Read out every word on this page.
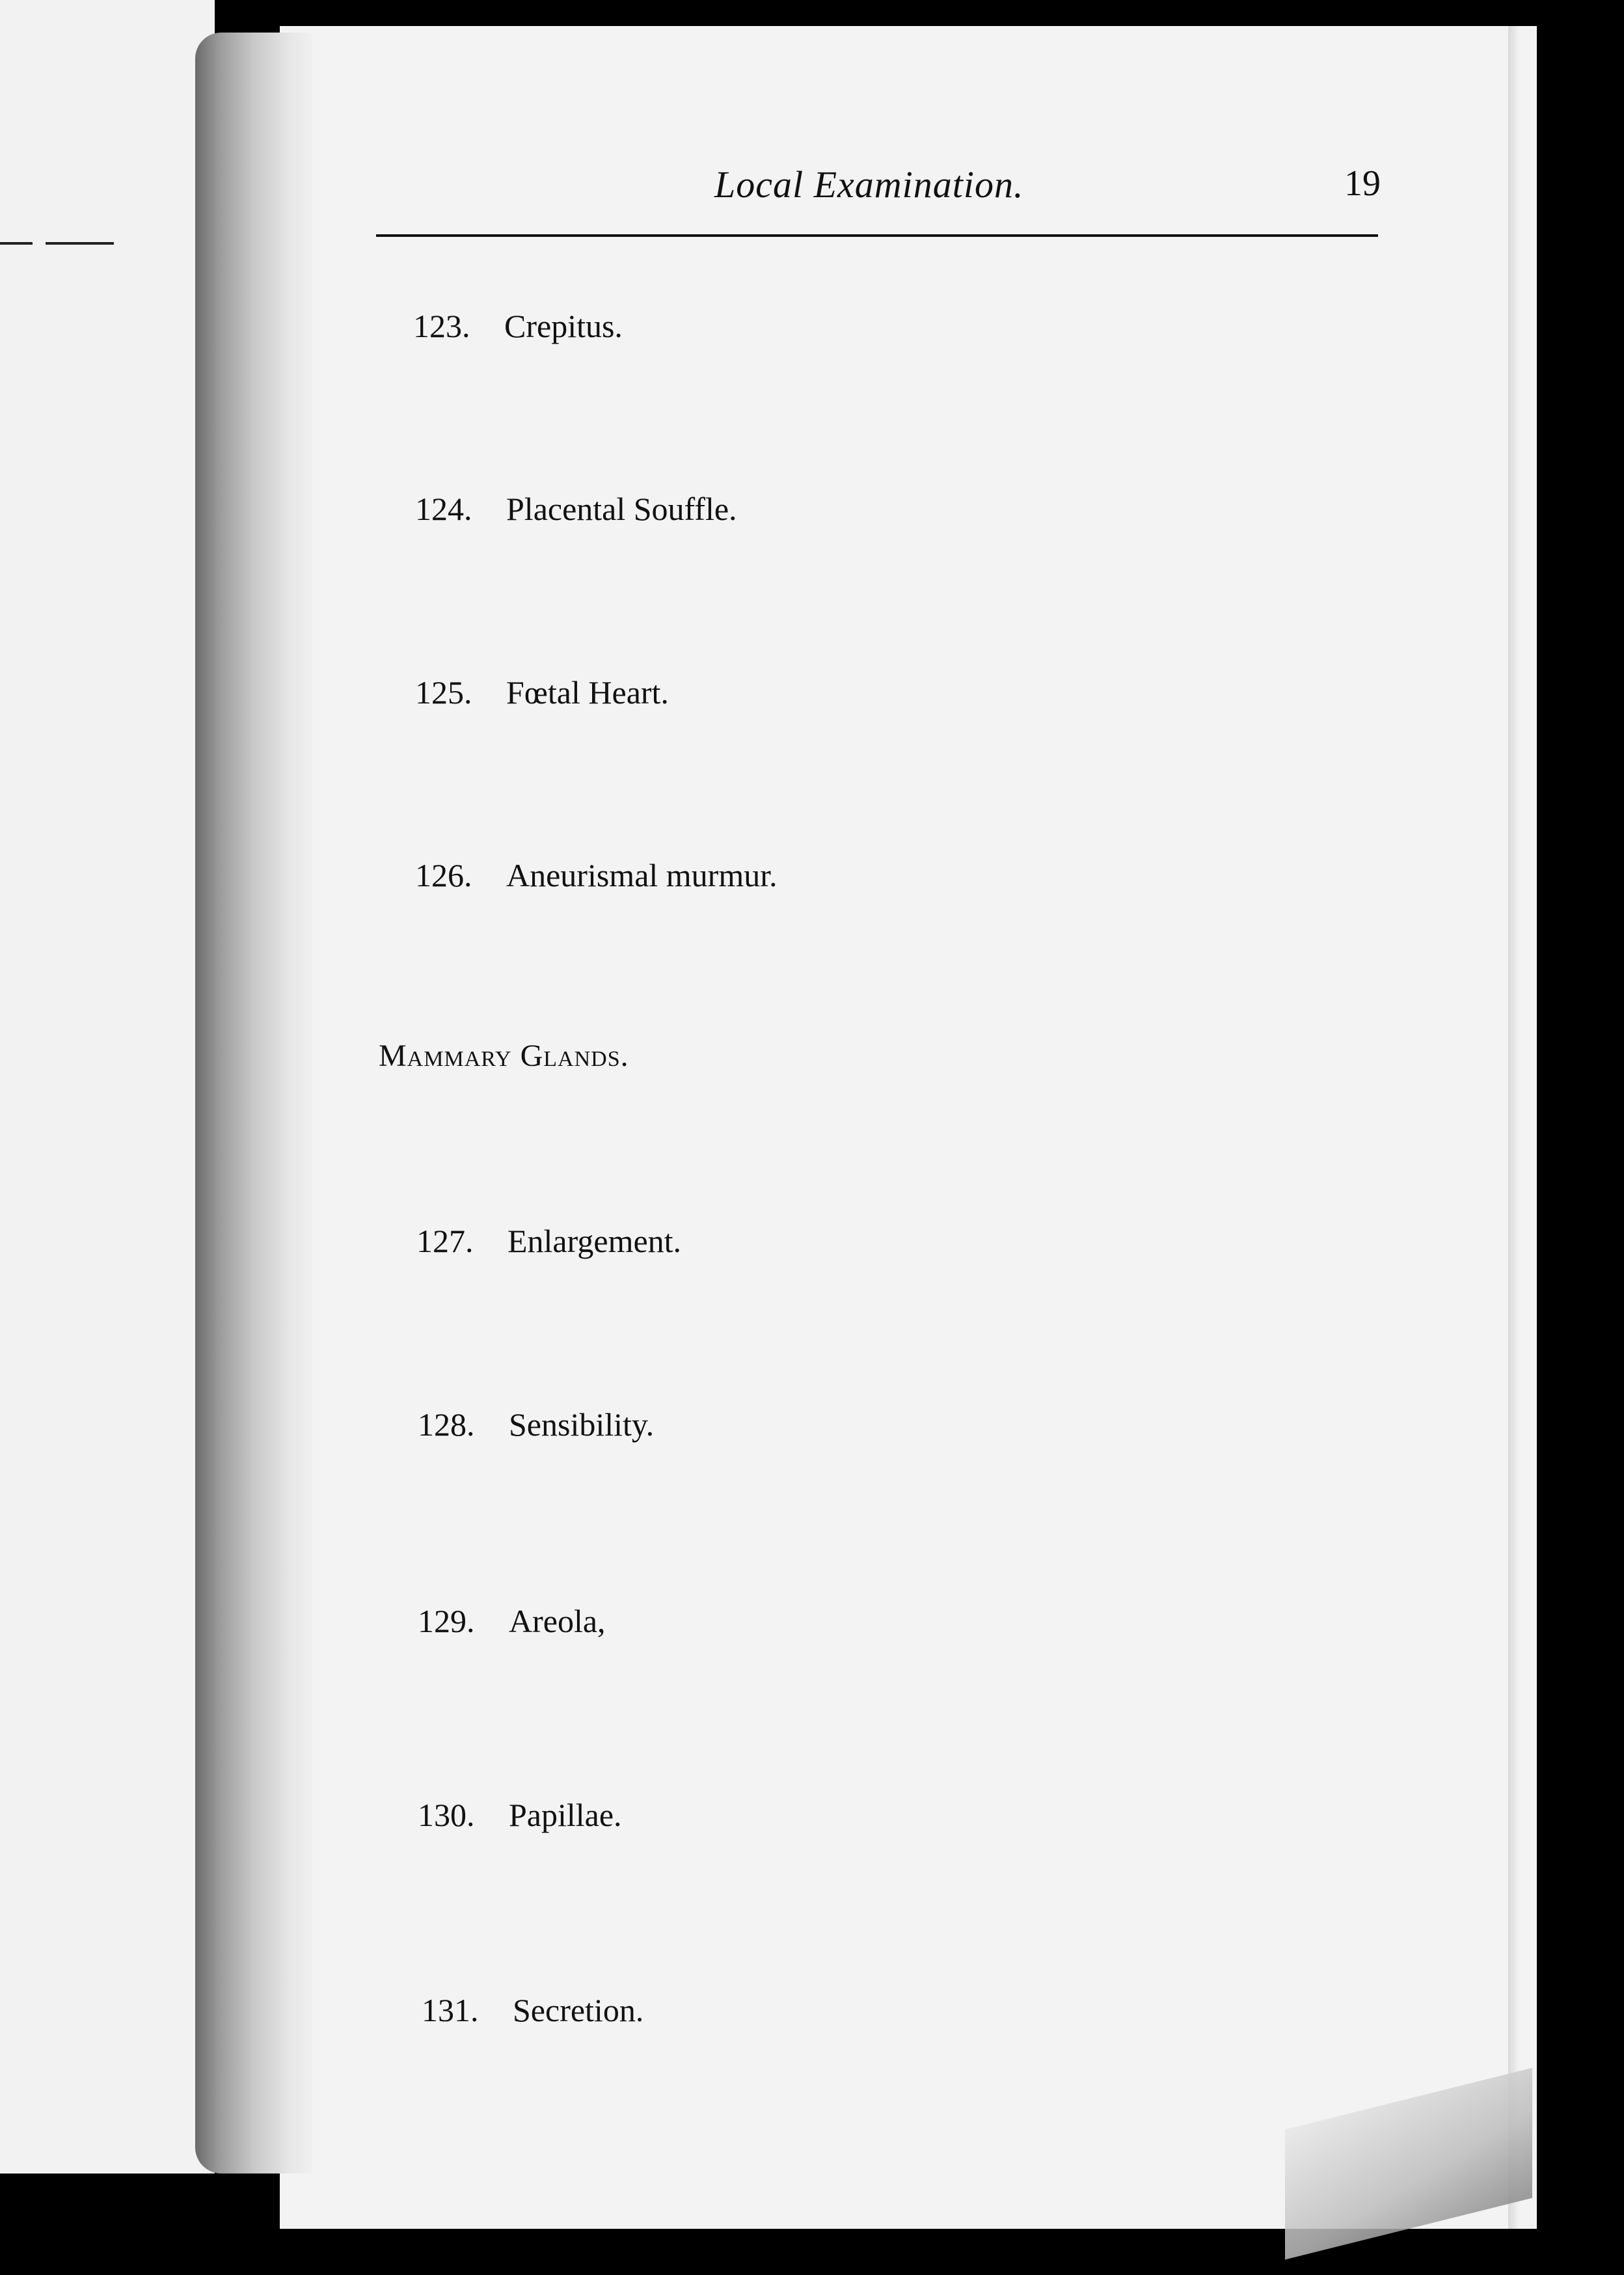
Local Examination.	19
123. Crepitus.
124. Placental Souffle.
125. Fœtal Heart.
126. Aneurismal murmur.
Mammary Glands.
127. Enlargement.
128. Sensibility.
129. Areola,
130. Papillae.
131. Secretion.
